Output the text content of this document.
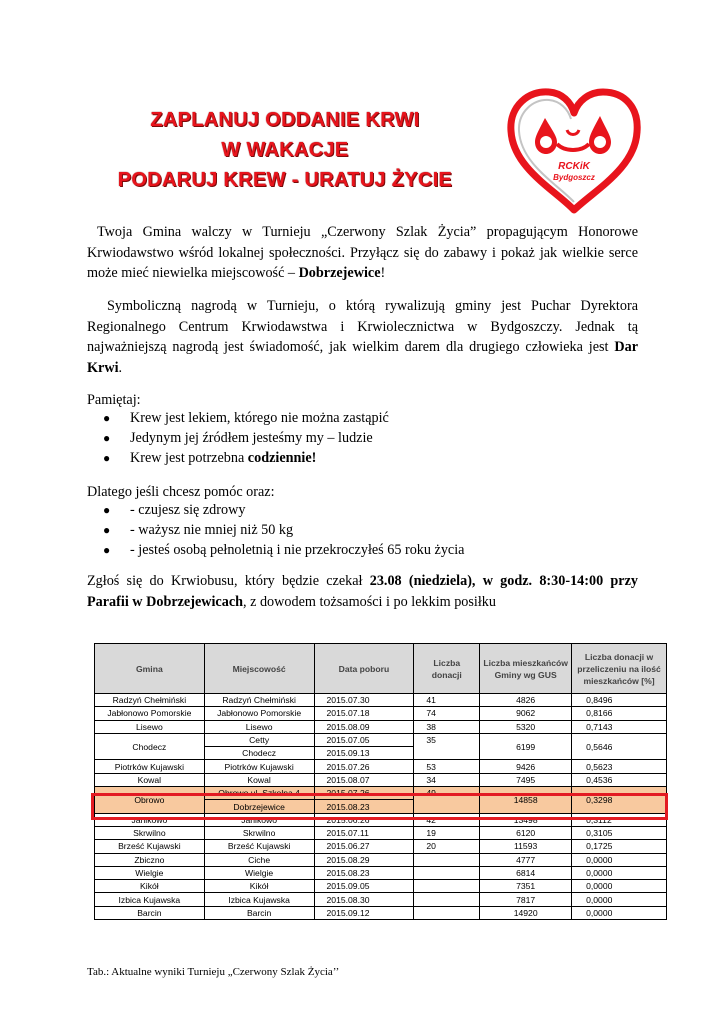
ZAPLANUJ ODDANIE KRWI
W WAKACJE
PODARUJ KREW - URATUJ ŻYCIE
RCKiK
Bydgoszcz

Twoja Gmina walczy w Turnieju „Czerwony Szlak Życia” propagującym Honorowe Krwiodawstwo wśród lokalnej społeczności. Przyłącz się do zabawy i pokaż jak wielkie serce może mieć niewielka miejscowość – Dobrzejewice!

Symboliczną nagrodą w Turnieju, o którą rywalizują gminy jest Puchar Dyrektora Regionalnego Centrum Krwiodawstwa i Krwiolecznictwa w Bydgoszczy. Jednak tą najważniejszą nagrodą jest świadomość, jak wielkim darem dla drugiego człowieka jest Dar Krwi.

Pamiętaj:

● Krew jest lekiem, którego nie można zastąpić
● Jedynym jej źródłem jesteśmy my – ludzie
● Krew jest potrzebna codziennie!

Dlatego jeśli chcesz pomóc oraz:

● - czujesz się zdrowy
● - ważysz nie mniej niż 50 kg
● - jesteś osobą pełnoletnią i nie przekroczyłeś 65 roku życia

Zgłoś się do Krwiobusu, który będzie czekał 23.08 (niedziela), w godz. 8:30-14:00 przy Parafii w Dobrzejewicach, z dowodem tożsamości i po lekkim posiłku

Gmina	Miejscowość	Data poboru	Liczba donacji	Liczba mieszkańców Gminy wg GUS	Liczba donacji w przeliczeniu na ilość mieszkańców [%]
Radzyń Chełmiński	Radzyń Chełmiński	2015.07.30	41	4826	0,8496
Jabłonowo Pomorskie	Jabłonowo Pomorskie	2015.07.18	74	9062	0,8166
Lisewo	Lisewo	2015.08.09	38	5320	0,7143
Chodecz	Cetty	2015.07.05	35	6199	0,5646
	Chodecz	2015.09.13			
Piotrków Kujawski	Piotrków Kujawski	2015.07.26	53	9426	0,5623
Kowal	Kowal	2015.08.07	34	7495	0,4536
Obrowo	Obrowo ul. Szkolna 4	2015.07.26	49	14858	0,3298
	Dobrzejewice	2015.08.23			
Janikowo	Janikowo	2015.06.26	42	13498	0,3112
Skrwilno	Skrwilno	2015.07.11	19	6120	0,3105
Brześć Kujawski	Brześć Kujawski	2015.06.27	20	11593	0,1725
Zbiczno	Ciche	2015.08.29		4777	0,0000
Wielgie	Wielgie	2015.08.23		6814	0,0000
Kikół	Kikół	2015.09.05		7351	0,0000
Izbica Kujawska	Izbica Kujawska	2015.08.30		7817	0,0000
Barcin	Barcin	2015.09.12		14920	0,0000
Tab.: Aktualne wyniki Turnieju „Czerwony Szlak Życia’’
